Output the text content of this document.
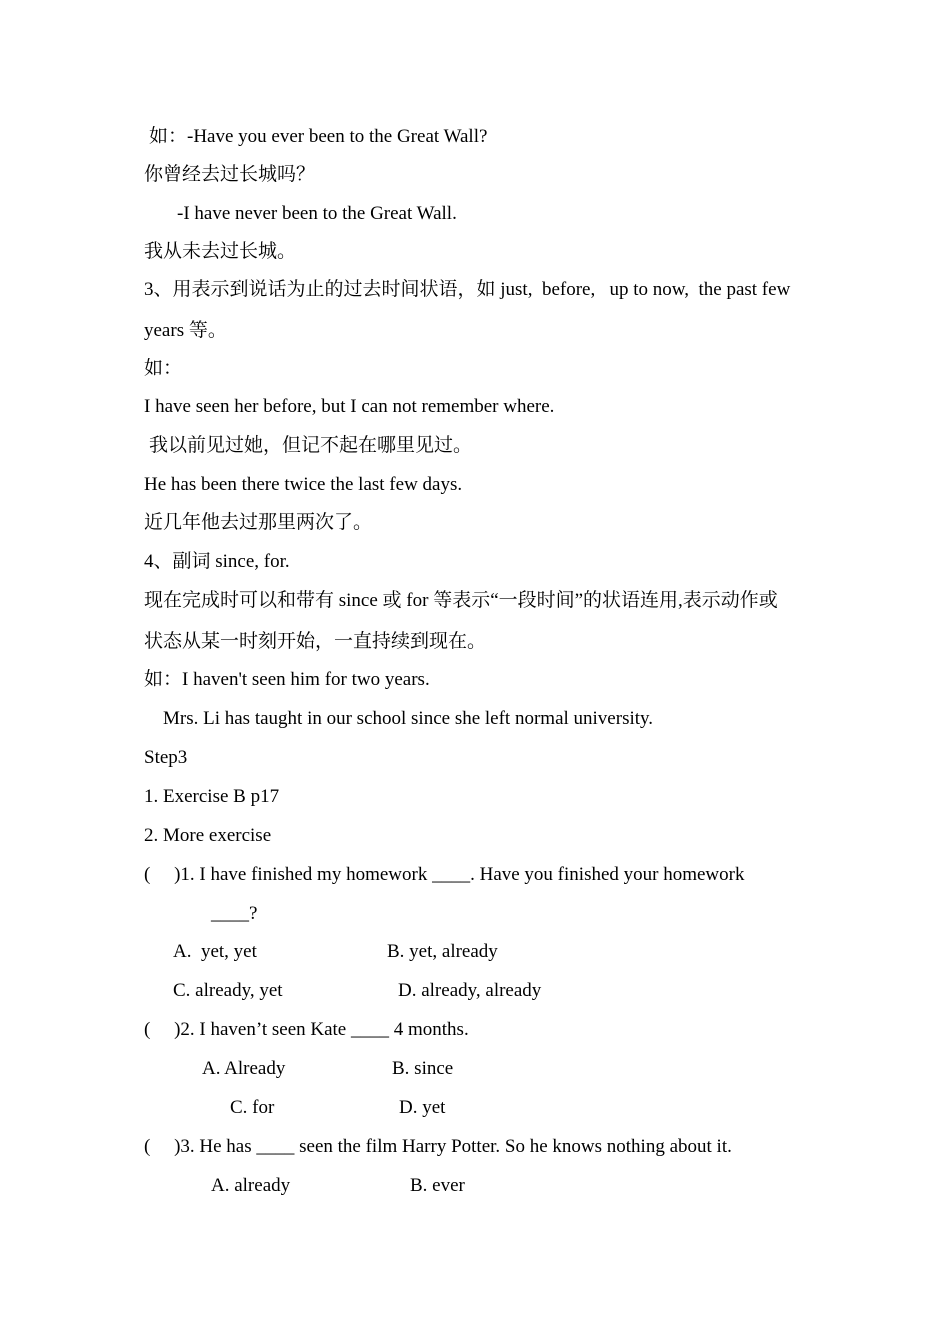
如：-Have you ever been to the Great Wall?
你曾经去过长城吗？
-I have never been to the Great Wall.
我从未去过长城。
3、用表示到说话为止的过去时间状语，如 just,  before,   up to now,  the past few
years 等。
如：
I have seen her before, but I can not remember where.
我以前见过她，但记不起在哪里见过。
He has been there twice the last few days.
近几年他去过那里两次了。
4、副词 since, for.
现在完成时可以和带有 since 或 for 等表示“一段时间”的状语连用,表示动作或
状态从某一时刻开始，一直持续到现在。
如：I haven't seen him for two years.
Mrs. Li has taught in our school since she left normal university.
Step3
1. Exercise B p17
2. More exercise
(     )1. I have finished my homework ____. Have you finished your homework
____?
A.  yet, yet	B. yet, already
C. already, yet	D. already, already
(     )2. I haven’t seen Kate ____ 4 months.
A. Already	B. since
C. for	D. yet
(     )3. He has ____ seen the film Harry Potter. So he knows nothing about it.
A. already	B. ever
